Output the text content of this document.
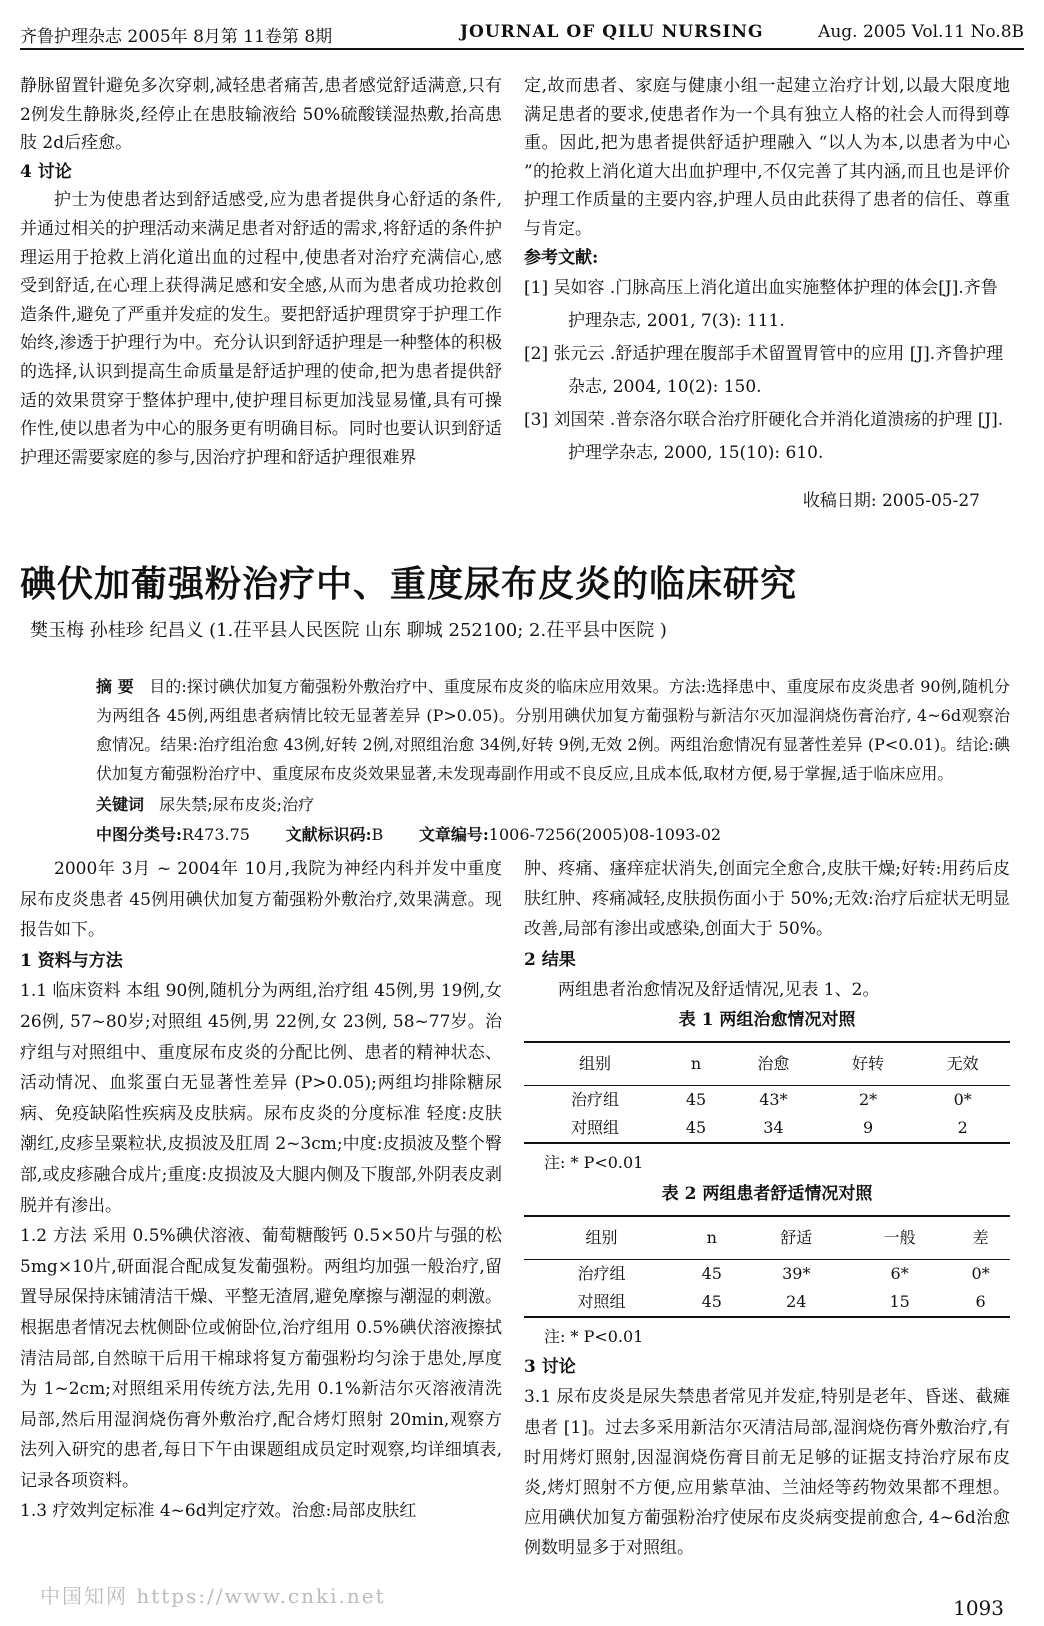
齐鲁护理杂志 2005年 8月第 11卷第 8期	JOURNAL OF QILU NURSING	Aug. 2005 Vol.11 No.8B

静脉留置针避免多次穿刺,减轻患者痛苦,患者感觉舒适满意,只有 2例发生静脉炎,经停止在患肢输液给 50%硫酸镁湿热敷,抬高患肢 2d后痊愈。

4 讨论

护士为使患者达到舒适感受,应为患者提供身心舒适的条件,并通过相关的护理活动来满足患者对舒适的需求,将舒适的条件护理运用于抢救上消化道出血的过程中,使患者对治疗充满信心,感受到舒适,在心理上获得满足感和安全感,从而为患者成功抢救创造条件,避免了严重并发症的发生。要把舒适护理贯穿于护理工作始终,渗透于护理行为中。充分认识到舒适护理是一种整体的积极的选择,认识到提高生命质量是舒适护理的使命,把为患者提供舒适的效果贯穿于整体护理中,使护理目标更加浅显易懂,具有可操作性,使以患者为中心的服务更有明确目标。同时也要认识到舒适护理还需要家庭的参与,因治疗护理和舒适护理很难界

定,故而患者、家庭与健康小组一起建立治疗计划,以最大限度地满足患者的要求,使患者作为一个具有独立人格的社会人而得到尊重。因此,把为患者提供舒适护理融入 “以人为本,以患者为中心 ”的抢救上消化道大出血护理中,不仅完善了其内涵,而且也是评价护理工作质量的主要内容,护理人员由此获得了患者的信任、尊重与肯定。

参考文献:

[1] 吴如容 .门脉高压上消化道出血实施整体护理的体会[J].齐鲁护理杂志, 2001, 7(3): 111.

[2] 张元云 .舒适护理在腹部手术留置胃管中的应用 [J].齐鲁护理杂志, 2004, 10(2): 150.

[3] 刘国荣 .普奈洛尔联合治疗肝硬化合并消化道溃疡的护理 [J].护理学杂志, 2000, 15(10): 610.

收稿日期: 2005-05-27

碘伏加葡强粉治疗中、重度尿布皮炎的临床研究
樊玉梅 孙桂珍 纪昌义 (1.茌平县人民医院 山东 聊城 252100; 2.茌平县中医院 )
摘 要 目的:探讨碘伏加复方葡强粉外敷治疗中、重度尿布皮炎的临床应用效果。方法:选择患中、重度尿布皮炎患者 90例,随机分为两组各 45例,两组患者病情比较无显著差异 (P>0.05)。分别用碘伏加复方葡强粉与新洁尔灭加湿润烧伤膏治疗, 4~6d观察治愈情况。结果:治疗组治愈 43例,好转 2例,对照组治愈 34例,好转 9例,无效 2例。两组治愈情况有显著性差异 (P<0.01)。结论:碘伏加复方葡强粉治疗中、重度尿布皮炎效果显著,未发现毒副作用或不良反应,且成本低,取材方便,易于掌握,适于临床应用。
关键词 尿失禁;尿布皮炎;治疗
中图分类号:R473.75 文献标识码:B 文章编号:1006-7256(2005)08-1093-02

2000年 3月 ~ 2004年 10月,我院为神经内科并发中重度尿布皮炎患者 45例用碘伏加复方葡强粉外敷治疗,效果满意。现报告如下。

1 资料与方法

1.1 临床资料 本组 90例,随机分为两组,治疗组 45例,男 19例,女 26例, 57~80岁;对照组 45例,男 22例,女 23例, 58~77岁。治疗组与对照组中、重度尿布皮炎的分配比例、患者的精神状态、活动情况、血浆蛋白无显著性差异 (P>0.05);两组均排除糖尿病、免疫缺陷性疾病及皮肤病。尿布皮炎的分度标准 轻度:皮肤潮红,皮疹呈粟粒状,皮损波及肛周 2~3cm;中度:皮损波及整个臀部,或皮疹融合成片;重度:皮损波及大腿内侧及下腹部,外阴表皮剥脱并有渗出。

1.2 方法 采用 0.5%碘伏溶液、葡萄糖酸钙 0.5×50片与强的松 5mg×10片,研面混合配成复发葡强粉。两组均加强一般治疗,留置导尿保持床铺清洁干燥、平整无渣屑,避免摩擦与潮湿的刺激。根据患者情况去枕侧卧位或俯卧位,治疗组用 0.5%碘伏溶液擦拭清洁局部,自然晾干后用干棉球将复方葡强粉均匀涂于患处,厚度为 1~2cm;对照组采用传统方法,先用 0.1%新洁尔灭溶液清洗局部,然后用湿润烧伤膏外敷治疗,配合烤灯照射 20min,观察方法列入研究的患者,每日下午由课题组成员定时观察,均详细填表,记录各项资料。

1.3 疗效判定标准 4~6d判定疗效。治愈:局部皮肤红

肿、疼痛、瘙痒症状消失,创面完全愈合,皮肤干燥;好转:用药后皮肤红肿、疼痛减轻,皮肤损伤面小于 50%;无效:治疗后症状无明显改善,局部有渗出或感染,创面大于 50%。

2 结果

两组患者治愈情况及舒适情况,见表 1、2。

表 1 两组治愈情况对照
组别	n	治愈	好转	无效
治疗组	45	43*	2*	0*
对照组	45	34	9	2
注: * P<0.01
表 2 两组患者舒适情况对照
组别	n	舒适	一般	差
治疗组	45	39*	6*	0*
对照组	45	24	15	6
注: * P<0.01

3 讨论

3.1 尿布皮炎是尿失禁患者常见并发症,特别是老年、昏迷、截瘫患者 [1]。过去多采用新洁尔灭清洁局部,湿润烧伤膏外敷治疗,有时用烤灯照射,因湿润烧伤膏目前无足够的证据支持治疗尿布皮炎,烤灯照射不方便,应用紫草油、兰油烃等药物效果都不理想。应用碘伏加复方葡强粉治疗使尿布皮炎病变提前愈合, 4~6d治愈例数明显多于对照组。

中国知网 https://www.cnki.net	1093
